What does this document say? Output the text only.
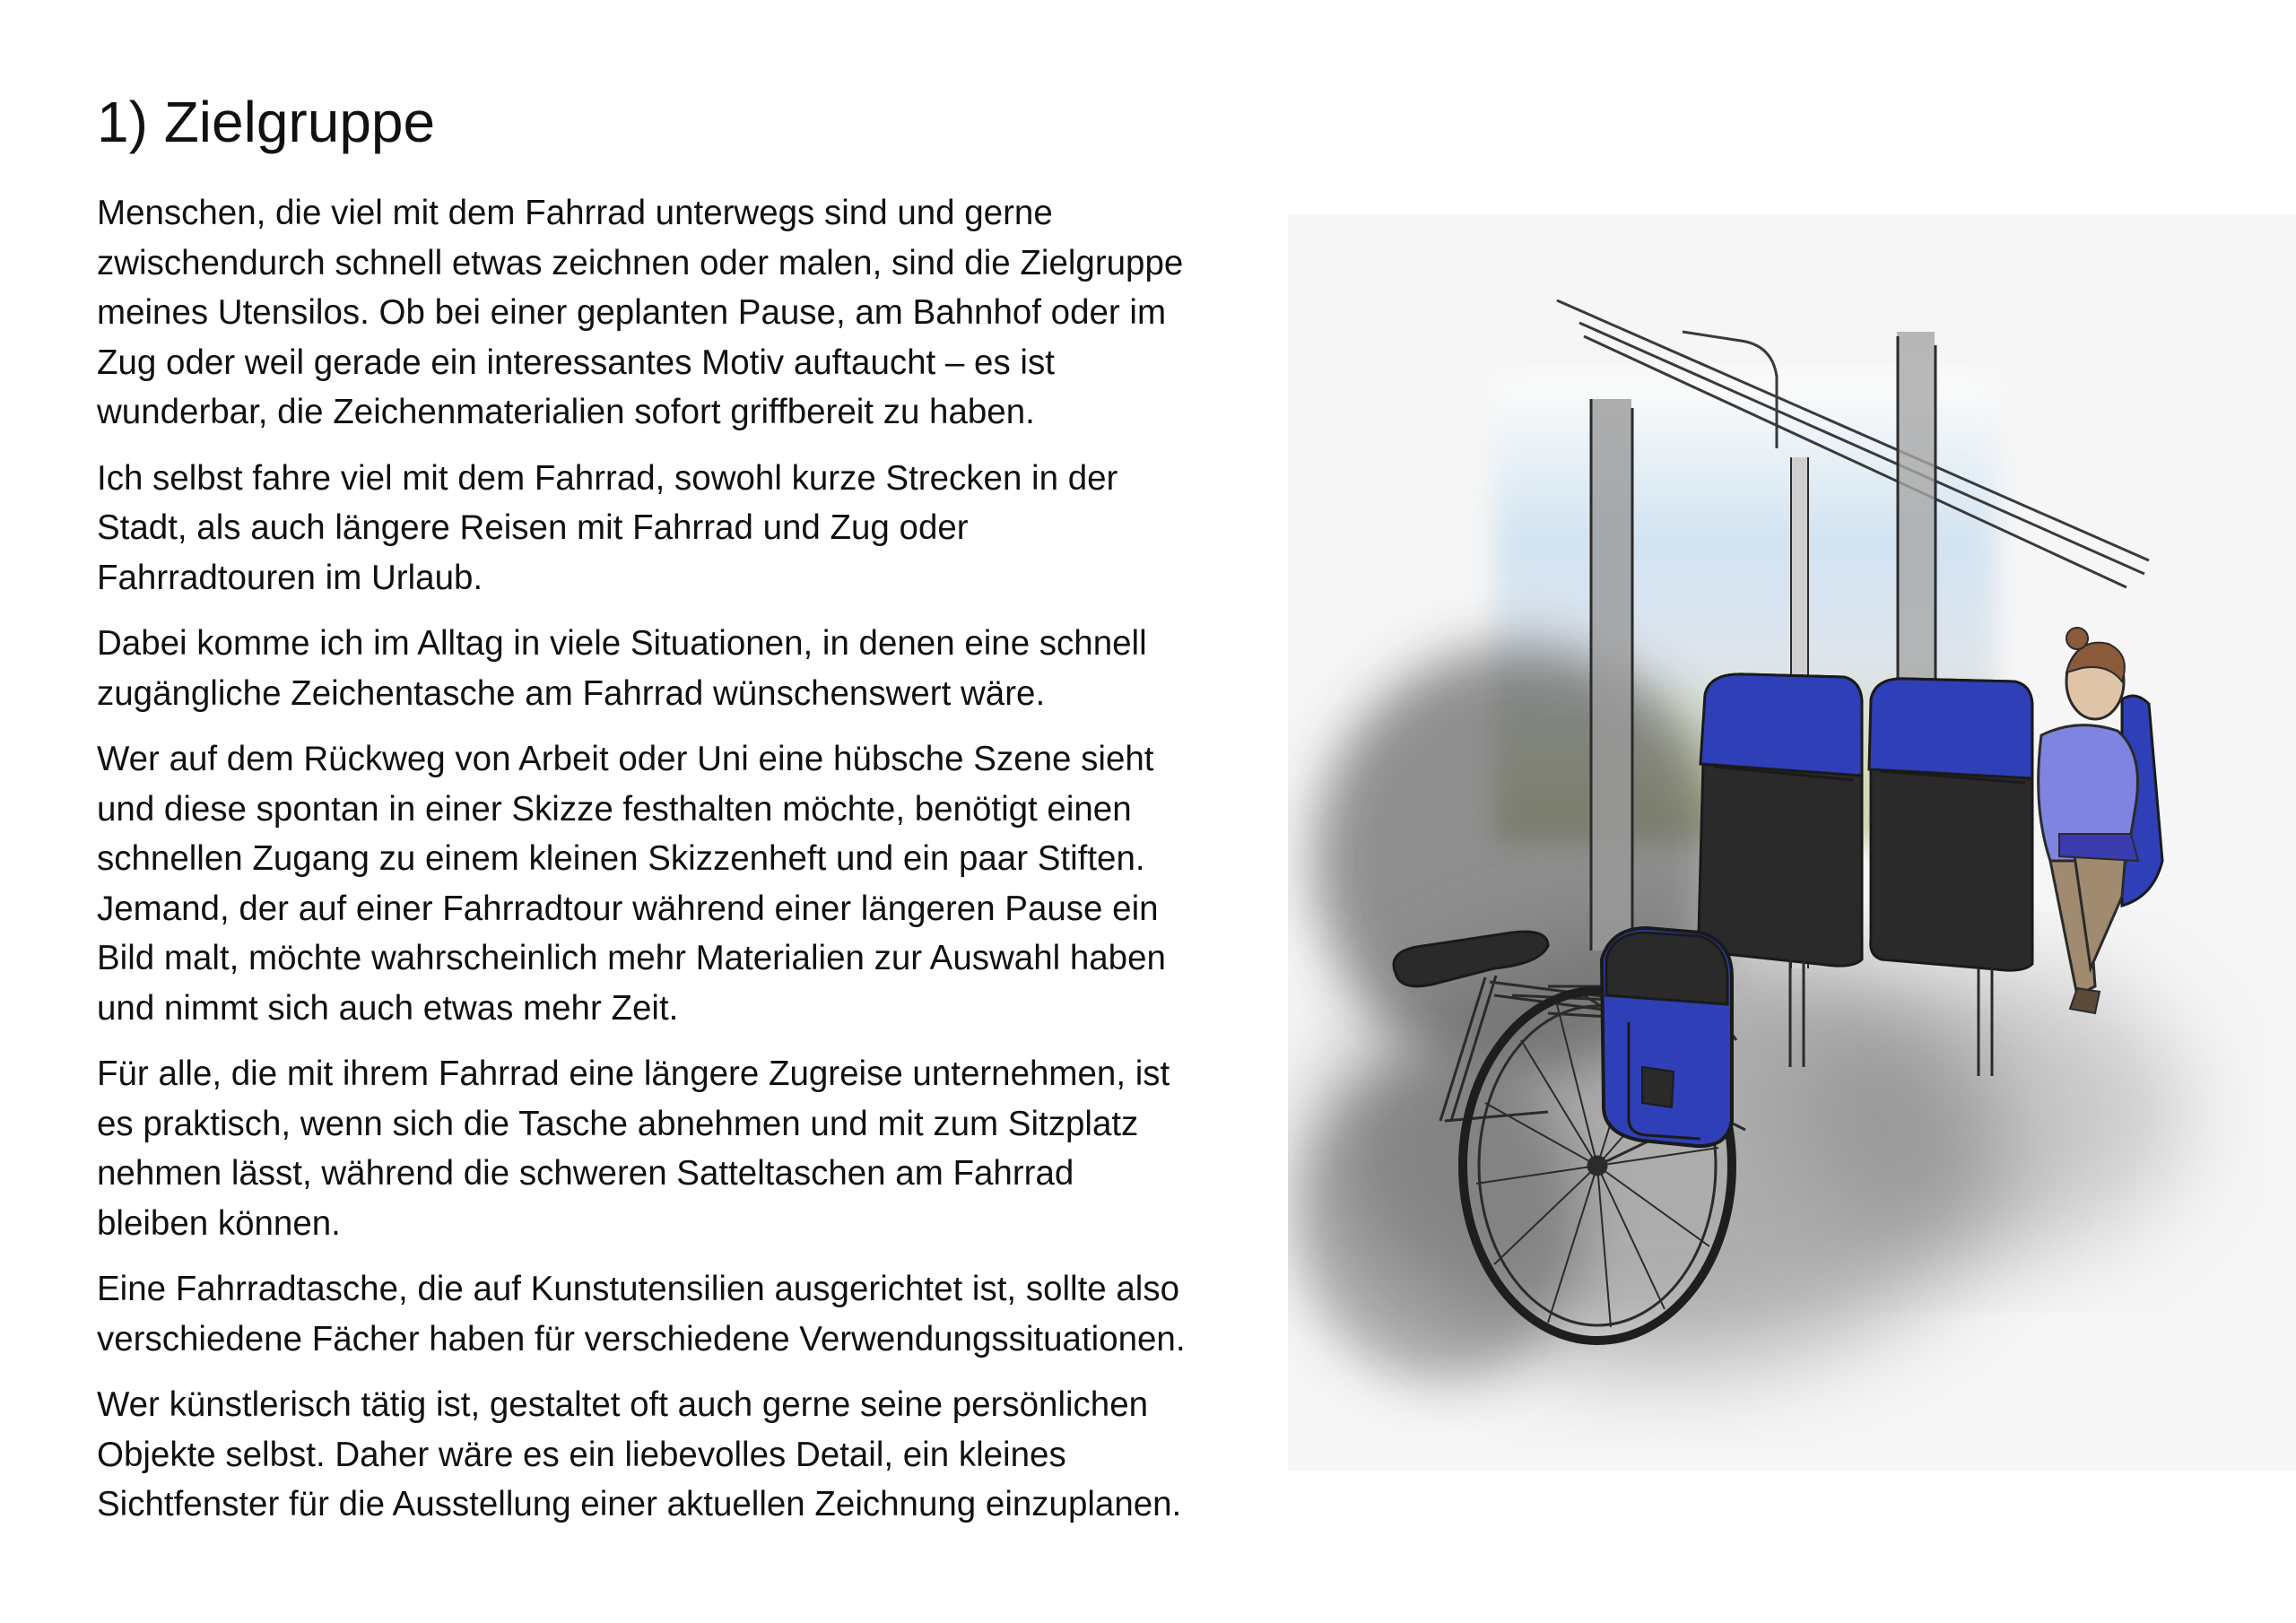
1) Zielgruppe

Menschen, die viel mit dem Fahrrad unterwegs sind und gerne
zwischendurch schnell etwas zeichnen oder malen, sind die Zielgruppe
meines Utensilos. Ob bei einer geplanten Pause, am Bahnhof oder im
Zug oder weil gerade ein interessantes Motiv auftaucht – es ist
wunderbar, die Zeichenmaterialien sofort griffbereit zu haben.

Ich selbst fahre viel mit dem Fahrrad, sowohl kurze Strecken in der
Stadt, als auch längere Reisen mit Fahrrad und Zug oder
Fahrradtouren im Urlaub.

Dabei komme ich im Alltag in viele Situationen, in denen eine schnell
zugängliche Zeichentasche am Fahrrad wünschenswert wäre.

Wer auf dem Rückweg von Arbeit oder Uni eine hübsche Szene sieht
und diese spontan in einer Skizze festhalten möchte, benötigt einen
schnellen Zugang zu einem kleinen Skizzenheft und ein paar Stiften.
Jemand, der auf einer Fahrradtour während einer längeren Pause ein
Bild malt, möchte wahrscheinlich mehr Materialien zur Auswahl haben
und nimmt sich auch etwas mehr Zeit.

Für alle, die mit ihrem Fahrrad eine längere Zugreise unternehmen, ist
es praktisch, wenn sich die Tasche abnehmen und mit zum Sitzplatz
nehmen lässt, während die schweren Satteltaschen am Fahrrad
bleiben können.

Eine Fahrradtasche, die auf Kunstutensilien ausgerichtet ist, sollte also
verschiedene Fächer haben für verschiedene Verwendungssituationen.

Wer künstlerisch tätig ist, gestaltet oft auch gerne seine persönlichen
Objekte selbst. Daher wäre es ein liebevolles Detail, ein kleines
Sichtfenster für die Ausstellung einer aktuellen Zeichnung einzuplanen.
